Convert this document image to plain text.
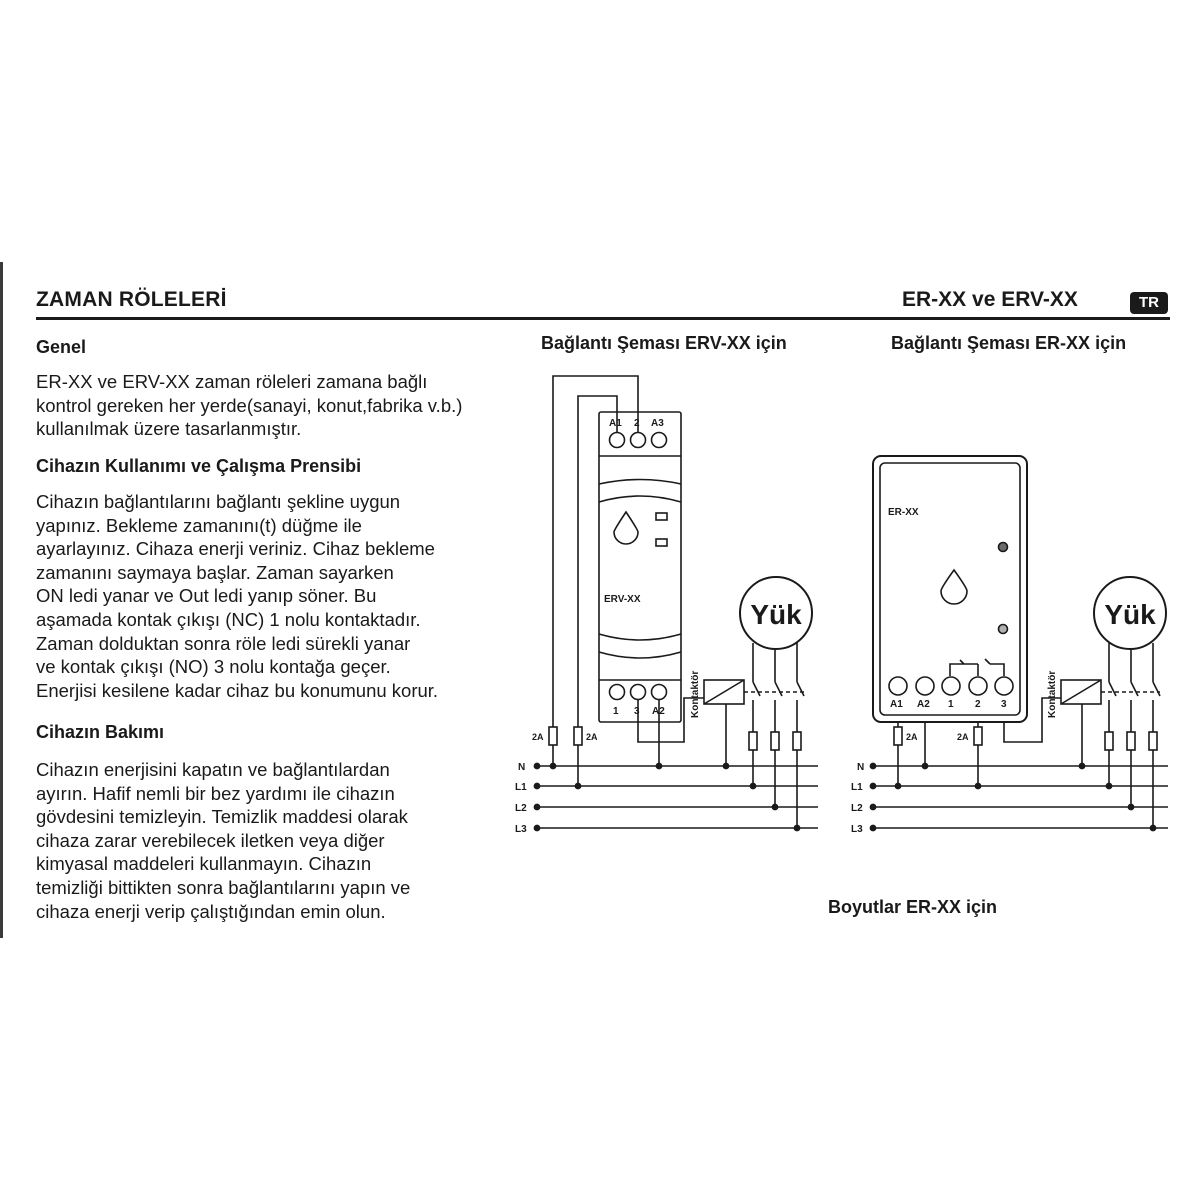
ZAMAN RÖLELERİ	ER-XX ve ERV-XX	TR
Genel

ER-XX ve ERV-XX zaman röleleri zamana bağlı
kontrol gereken her yerde(sanayi, konut,fabrika v.b.)
kullanılmak üzere tasarlanmıştır.

Cihazın Kullanımı ve Çalışma Prensibi

Cihazın bağlantılarını bağlantı şekline uygun
yapınız. Bekleme zamanını(t) düğme ile
ayarlayınız. Cihaza enerji veriniz. Cihaz bekleme
zamanını saymaya başlar. Zaman sayarken
ON ledi yanar ve Out ledi yanıp söner. Bu
aşamada kontak çıkışı (NC) 1 nolu kontaktadır.
Zaman dolduktan sonra röle ledi sürekli yanar
ve kontak çıkışı (NO) 3 nolu kontağa geçer.
Enerjisi kesilene kadar cihaz bu konumunu korur.

Cihazın Bakımı

Cihazın enerjisini kapatın ve bağlantılardan
ayırın. Hafif nemli bir bez yardımı ile cihazın
gövdesini temizleyin. Temizlik maddesi olarak
cihaza zarar verebilecek iletken veya diğer
kimyasal maddeleri kullanmayın. Cihazın
temizliği bittikten sonra bağlantılarını yapın ve
cihaza enerji verip çalıştığından emin olun.

Bağlantı Şeması ERV-XX için	Bağlantı Şeması ER-XX için
Boyutlar ER-XX için
N
L1
L2
L3
A1 2 A3
ERV-XX
1 3 A2
2A	2A
Kontaktör
Yük
N
L1
L2
L3
ER-XX
A1 A2 1 2 3
2A	2A
Kontaktör
Yük
